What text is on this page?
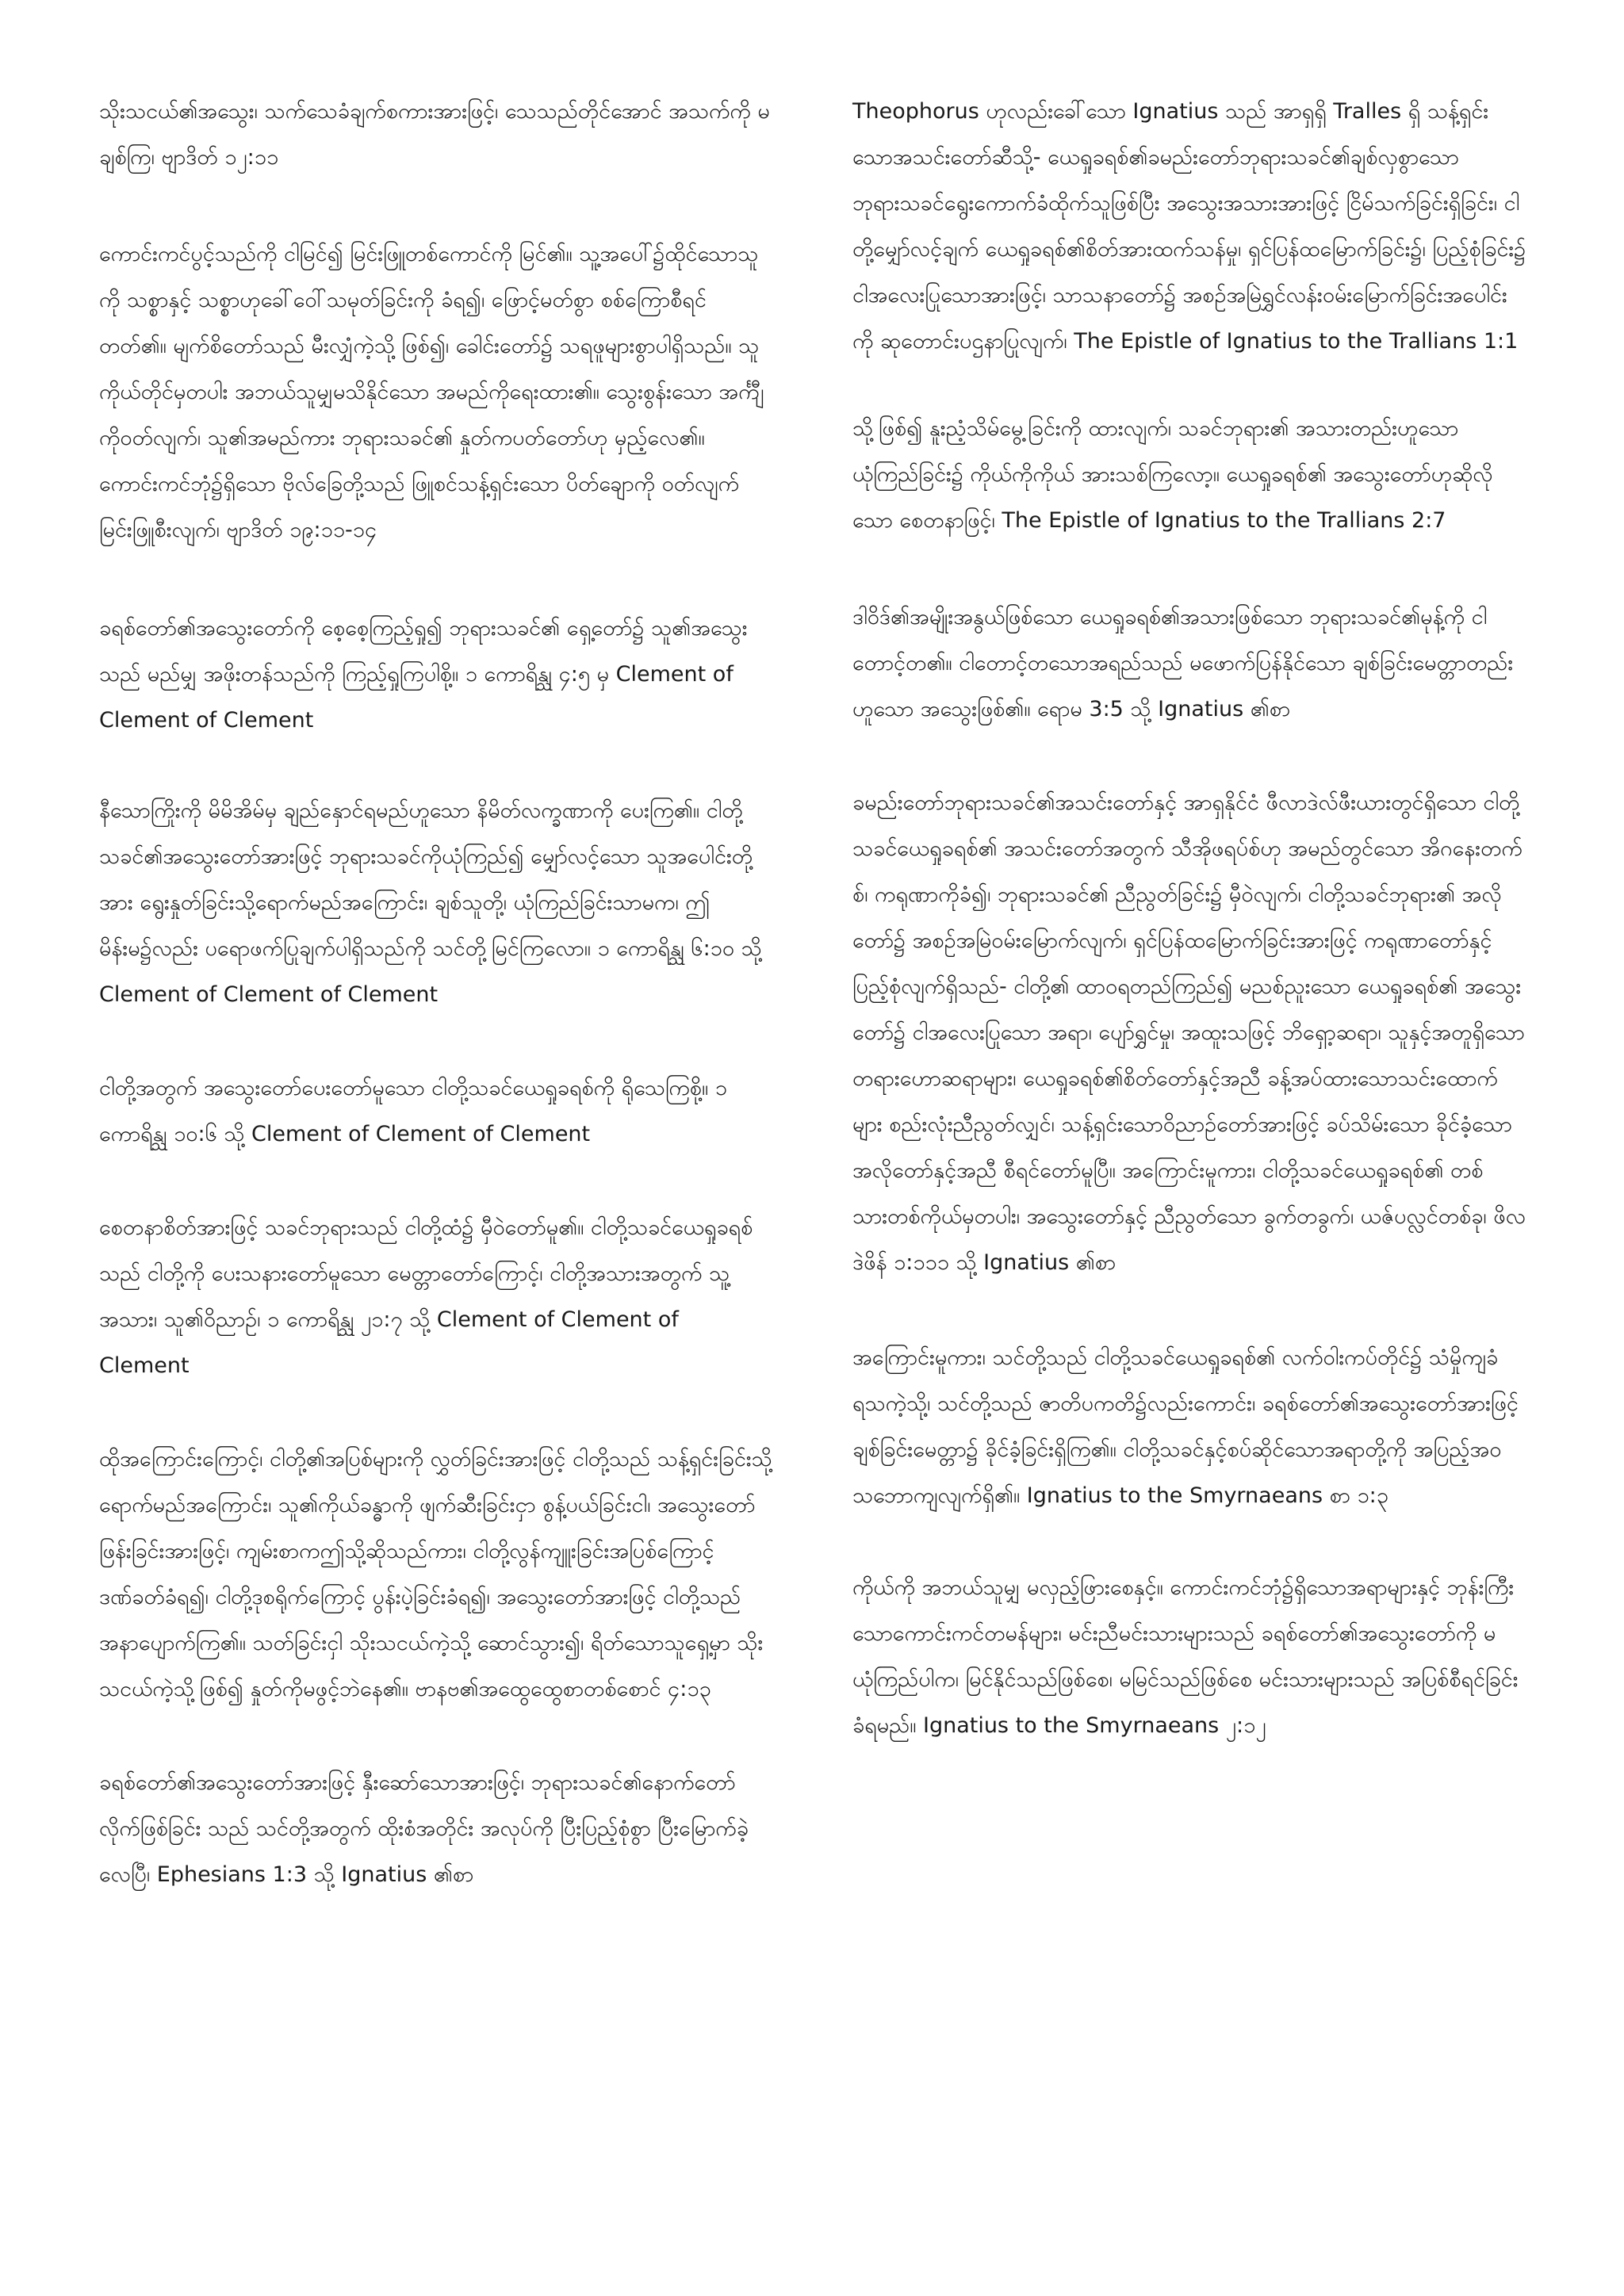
သိုးသငယ်၏အသွေး၊ သက်သေခံချက်စကားအားဖြင့်၊ သေသည်တိုင်အောင် အသက်ကို မချစ်ကြ၊ ဗျာဒိတ် ၁၂:၁၁

ကောင်းကင်ပွင့်သည်ကို ငါမြင်၍ မြင်းဖြူတစ်ကောင်ကို မြင်၏။ သူ့အပေါ်၌ထိုင်သောသူကို သစ္စာနှင့် သစ္စာဟုခေါ်ဝေါ်သမုတ်ခြင်းကို ခံရ၍၊ ဖြောင့်မတ်စွာ စစ်ကြောစီရင်တတ်၏။ မျက်စိတော်သည် မီးလျှံကဲ့သို့ ဖြစ်၍၊ ခေါင်းတော်၌ သရဖူများစွာပါရှိသည်။ သူကိုယ်တိုင်မှတပါး အဘယ်သူမျှမသိနိုင်သော အမည်ကိုရေးထား၏။ သွေးစွန်းသော အင်္ကျီကိုဝတ်လျက်၊ သူ၏အမည်ကား ဘုရားသခင်၏ နှုတ်ကပတ်တော်ဟု မှည့်လေ၏။ ကောင်းကင်ဘုံ၌ရှိသော ဗိုလ်ခြေတို့သည် ဖြူစင်သန့်ရှင်းသော ပိတ်ချောကို ဝတ်လျက် မြင်းဖြူစီးလျက်၊ ဗျာဒိတ် ၁၉:၁၁-၁၄

ခရစ်တော်၏အသွေးတော်ကို စေ့စေ့ကြည့်ရှု၍ ဘုရားသခင်၏ ရှေ့တော်၌ သူ၏အသွေးသည် မည်မျှ အဖိုးတန်သည်ကို ကြည့်ရှုကြပါစို့။ ၁ ကောရိန္သု ၄:၅ မှ Clement of Clement of Clement

နီသောကြိုးကို မိမိအိမ်မှ ချည်နှောင်ရမည်ဟူသော နိမိတ်လက္ခဏာကို ပေးကြ၏။ ငါတို့သခင်၏အသွေးတော်အားဖြင့် ဘုရားသခင်ကိုယုံကြည်၍ မျှော်လင့်သော သူအပေါင်းတို့အား ရွေးနှုတ်ခြင်းသို့ရောက်မည်အကြောင်း၊ ချစ်သူတို့၊ ယုံကြည်ခြင်းသာမက၊ ဤမိန်းမ၌လည်း ပရောဖက်ပြုချက်ပါရှိသည်ကို သင်တို့မြင်ကြလော။ ၁ ကောရိန္သု ၆:၁၀ သို့ Clement of Clement of Clement

ငါတို့အတွက် အသွေးတော်ပေးတော်မူသော ငါတို့သခင်ယေရှုခရစ်ကို ရိုသေကြစို့။ ၁ ကောရိန္သု ၁၀:၆ သို့ Clement of Clement of Clement

စေတနာစိတ်အားဖြင့် သခင်ဘုရားသည် ငါတို့ထံ၌ မှီဝဲတော်မူ၏။ ငါတို့သခင်ယေရှုခရစ်သည် ငါတို့ကို ပေးသနားတော်မူသော မေတ္တာတော်ကြောင့်၊ ငါတို့အသားအတွက် သူ့အသား၊ သူ၏ဝိညာဉ်၊ ၁ ကောရိန္သု ၂၁:၇ သို့ Clement of Clement of Clement

ထိုအကြောင်းကြောင့်၊ ငါတို့၏အပြစ်များကို လွှတ်ခြင်းအားဖြင့် ငါတို့သည် သန့်ရှင်းခြင်းသို့ ရောက်မည်အကြောင်း၊ သူ၏ကိုယ်ခန္ဓာကို ဖျက်ဆီးခြင်းငှာ စွန့်ပယ်ခြင်းငါ၊ အသွေးတော်ဖြန်းခြင်းအားဖြင့်၊ ကျမ်းစာကဤသို့ဆိုသည်ကား၊ ငါတို့လွန်ကျူးခြင်းအပြစ်ကြောင့် ဒဏ်ခတ်ခံရ၍၊ ငါတို့ဒုစရိုက်ကြောင့် ပွန်းပဲ့ခြင်းခံရ၍၊ အသွေးတော်အားဖြင့် ငါတို့သည် အနာပျောက်ကြ၏။ သတ်ခြင်းငှါ သိုးသငယ်ကဲ့သို့ ဆောင်သွား၍၊ ရိတ်သောသူရှေ့မှာ သိုးသငယ်ကဲ့သို့ဖြစ်၍ နှုတ်ကိုမဖွင့်ဘဲနေ၏။ ဗာနဗ၏အထွေထွေစာတစ်စောင် ၄:၁၃

ခရစ်တော်၏အသွေးတော်အားဖြင့် နှီးဆော်သောအားဖြင့်၊ ဘုရားသခင်၏နောက်တော်လိုက်ဖြစ်ခြင်း သည် သင်တို့အတွက် ထိုးစံအတိုင်း အလုပ်ကို ပြီးပြည့်စုံစွာ ပြီးမြောက်ခဲ့လေပြီ၊ Ephesians 1:3 သို့ Ignatius ၏စာ

Theophorus ဟုလည်းခေါ်သော Ignatius သည် အာရှရှိ Tralles ရှိ သန့်ရှင်းသောအသင်းတော်ဆီသို့- ယေရှုခရစ်၏ခမည်းတော်ဘုရားသခင်၏ချစ်လှစွာသော ဘုရားသခင်ရွေးကောက်ခံထိုက်သူဖြစ်ပြီး အသွေးအသားအားဖြင့် ငြိမ်သက်ခြင်းရှိခြင်း၊ ငါတို့မျှော်လင့်ချက် ယေရှုခရစ်၏စိတ်အားထက်သန်မှု၊ ရှင်ပြန်ထမြောက်ခြင်း၌၊ ပြည့်စုံခြင်း၌ ငါအလေးပြုသောအားဖြင့်၊ သာသနာတော်၌ အစဉ်အမြဲရွှင်လန်းဝမ်းမြောက်ခြင်းအပေါင်းကို ဆုတောင်းပဌနာပြုလျက်၊ The Epistle of Ignatius to the Trallians 1:1

သို့ဖြစ်၍ နူးညံ့သိမ်မွေ့ခြင်းကို ထားလျက်၊ သခင်ဘုရား၏ အသားတည်းဟူသော ယုံကြည်ခြင်း၌ ကိုယ်ကိုကိုယ် အားသစ်ကြလော့။ ယေရှုခရစ်၏ အသွေးတော်ဟုဆိုလိုသော စေတနာဖြင့်၊ The Epistle of Ignatius to the Trallians 2:7

ဒါဝိဒ်၏အမျိုးအနွယ်ဖြစ်သော ယေရှုခရစ်၏အသားဖြစ်သော ဘုရားသခင်၏မုန့်ကို ငါတောင့်တ၏။ ငါတောင့်တသောအရည်သည် မဖောက်ပြန်နိုင်သော ချစ်ခြင်းမေတ္တာတည်းဟူသော အသွေးဖြစ်၏။ ရောမ 3:5 သို့ Ignatius ၏စာ

ခမည်းတော်ဘုရားသခင်၏အသင်းတော်နှင့် အာရှနိုင်ငံ ဖီလာဒဲလ်ဖီးယားတွင်ရှိသော ငါတို့သခင်ယေရှုခရစ်၏ အသင်းတော်အတွက် သီအိုဖရပ်စ်ဟု အမည်တွင်သော အိဂနေးတက်စ်၊ ကရုဏာကိုခံ၍၊ ဘုရားသခင်၏ ညီညွတ်ခြင်း၌ မှီဝဲလျက်၊ ငါတို့သခင်ဘုရား၏ အလိုတော်၌ အစဉ်အမြဲဝမ်းမြောက်လျက်၊ ရှင်ပြန်ထမြောက်ခြင်းအားဖြင့် ကရုဏာတော်နှင့် ပြည့်စုံလျက်ရှိသည်- ငါတို့၏ ထာဝရတည်ကြည်၍ မညစ်ညူးသော ယေရှုခရစ်၏ အသွေးတော်၌ ငါအလေးပြုသော အရာ၊ ပျော်ရွှင်မှု၊ အထူးသဖြင့် ဘိရှော့ဆရာ၊ သူနှင့်အတူရှိသော တရားဟောဆရာများ၊ ယေရှုခရစ်၏စိတ်တော်နှင့်အညီ ခန့်အပ်ထားသောသင်းထောက်များ စည်းလုံးညီညွတ်လျှင်၊ သန့်ရှင်းသောဝိညာဉ်တော်အားဖြင့် ခပ်သိမ်းသော ခိုင်ခံ့သောအလိုတော်နှင့်အညီ စီရင်တော်မူပြီ။ အကြောင်းမူကား၊ ငါတို့သခင်ယေရှုခရစ်၏ တစ်သားတစ်ကိုယ်မှတပါး၊ အသွေးတော်နှင့် ညီညွတ်သော ခွက်တခွက်၊ ယဇ်ပလ္လင်တစ်ခု၊ ဖိလဒဲဖိန် ၁:၁၁၁ သို့ Ignatius ၏စာ

အကြောင်းမူကား၊ သင်တို့သည် ငါတို့သခင်ယေရှုခရစ်၏ လက်ဝါးကပ်တိုင်၌ သံမှိုကျခံရသကဲ့သို့၊ သင်တို့သည် ဇာတိပကတိ၌လည်းကောင်း၊ ခရစ်တော်၏အသွေးတော်အားဖြင့် ချစ်ခြင်းမေတ္တာ၌ ခိုင်ခံ့ခြင်းရှိကြ၏။ ငါတို့သခင်နှင့်စပ်ဆိုင်သောအရာတို့ကို အပြည့်အဝ သဘောကျလျက်ရှိ၏။ Ignatius to the Smyrnaeans စာ ၁:၃

ကိုယ်ကို အဘယ်သူမျှ မလှည့်ဖြားစေနှင့်။ ကောင်းကင်ဘုံ၌ရှိသောအရာများနှင့် ဘုန်းကြီးသောကောင်းကင်တမန်များ၊ မင်းညီမင်းသားများသည် ခရစ်တော်၏အသွေးတော်ကို မယုံကြည်ပါက၊ မြင်နိုင်သည်ဖြစ်စေ၊ မမြင်သည်ဖြစ်စေ မင်းသားများသည် အပြစ်စီရင်ခြင်းခံရမည်။ Ignatius to the Smyrnaeans ၂:၁၂
